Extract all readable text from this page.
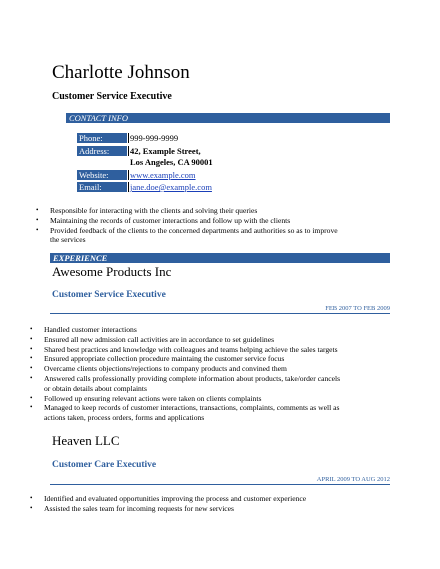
Charlotte Johnson
Customer Service Executive
CONTACT INFO
Phone:	999-999-9999
Address:	42, Example Street,
Los Angeles, CA 90001
Website:	www.example.com
Email:	jane.doe@example.com
• Responsible for interacting with the clients and solving their queries
• Maintaining the records of customer interactions and follow up with the clients
• Provided feedback of the clients to the concerned departments and authorities so as to improve
the services
EXPERIENCE
Awesome Products Inc
Customer Service Executive
FEB 2007 TO FEB 2009
• Handled customer interactions
• Ensured all new admission call activities are in accordance to set guidelines
• Shared best practices and knowledge with colleagues and teams helping achieve the sales targets
• Ensured appropriate collection procedure maintaing the customer service focus
• Overcame clients objections/rejections to company products and convined them
• Answered calls professionally providing complete information about products, take/order cancels
or obtain details about complaints
• Followed up ensuring relevant actions were taken on clients complaints
• Managed to keep records of customer interactions, transactions, complaints, comments as well as
actions taken, process orders, forms and applications
Heaven LLC
Customer Care Executive
APRIL 2009 TO AUG 2012
• Identified and evaluated opportunities improving the process and customer experience
• Assisted the sales team for incoming requests for new services
